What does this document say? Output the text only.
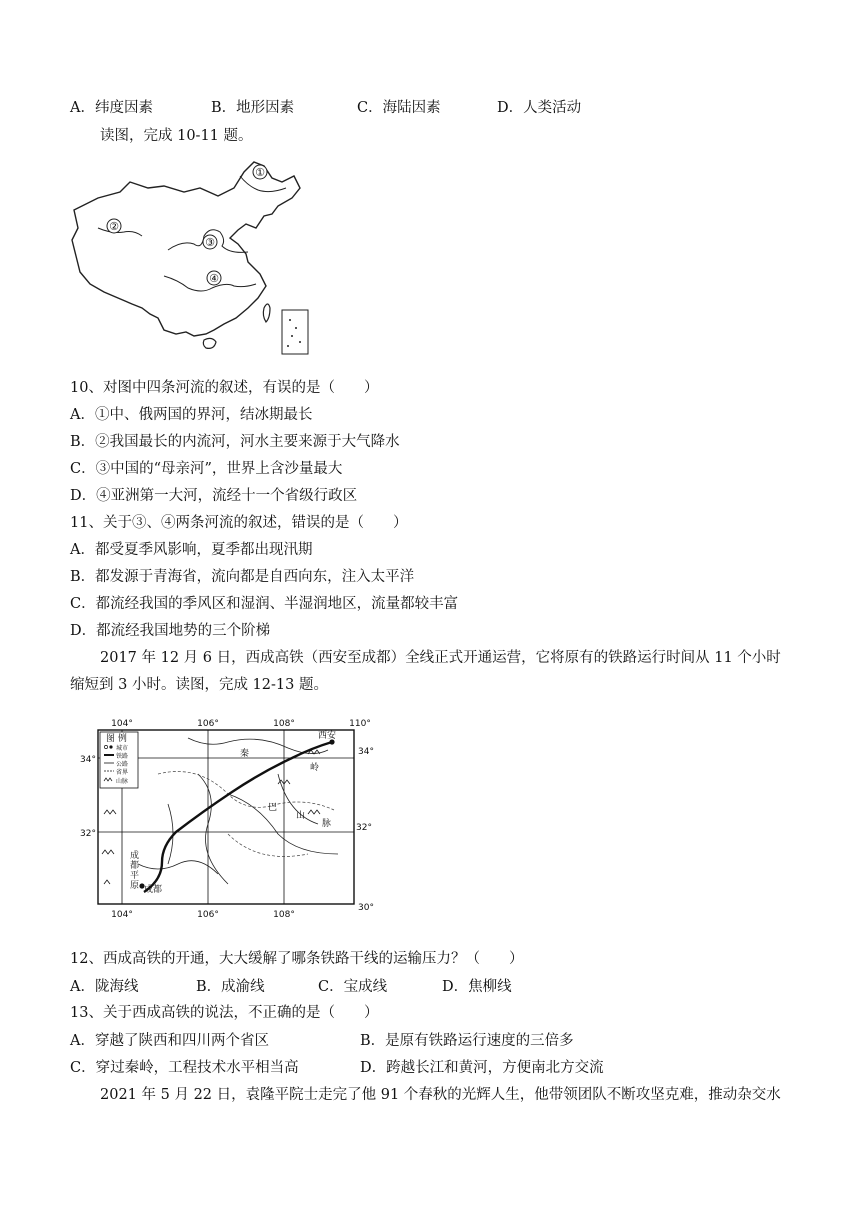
A．纬度因素	B．地形因素	C．海陆因素	D．人类活动
读图，完成 10-11 题。
①
②
③
④
10、对图中四条河流的叙述，有误的是（　　）
A．①中、俄两国的界河，结冰期最长
B．②我国最长的内流河，河水主要来源于大气降水
C．③中国的“母亲河”，世界上含沙量最大
D．④亚洲第一大河，流经十一个省级行政区
11、关于③、④两条河流的叙述，错误的是（　　）
A．都受夏季风影响，夏季都出现汛期
B．都发源于青海省，流向都是自西向东，注入太平洋
C．都流经我国的季风区和湿润、半湿润地区，流量都较丰富
D．都流经我国地势的三个阶梯
2017 年 12 月 6 日，西成高铁（西安至成都）全线正式开通运营，它将原有的铁路运行时间从 11 个小时
缩短到 3 小时。读图，完成 12-13 题。
104°	106°	108°	110°
104°	106°	108°
34°
32°
34°
32°
30°
图 例
城市
铁路
公路
省界
山脉
西安
成都
秦
岭
巴
山
脉
成
都
平
原
12、西成高铁的开通，大大缓解了哪条铁路干线的运输压力？（　　）
A．陇海线	B．成渝线	C．宝成线	D．焦柳线
13、关于西成高铁的说法，不正确的是（　　）
A．穿越了陕西和四川两个省区	B．是原有铁路运行速度的三倍多
C．穿过秦岭，工程技术水平相当高	D．跨越长江和黄河，方便南北方交流
2021 年 5 月 22 日，袁隆平院士走完了他 91 个春秋的光辉人生，他带领团队不断攻坚克难，推动杂交水
